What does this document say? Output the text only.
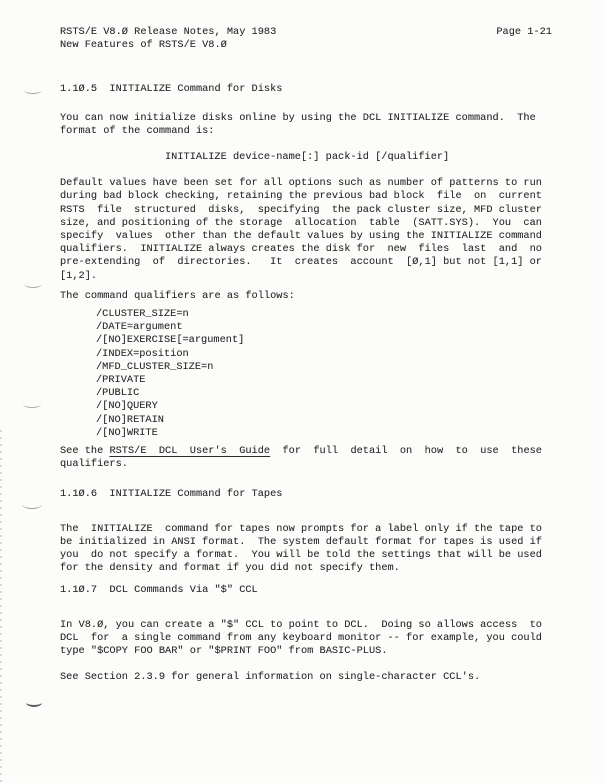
RSTS/E V8.Ø Release Notes, May 1983	Page 1-21
New Features of RSTS/E V8.Ø
1.1Ø.5  INITIALIZE Command for Disks
You can now initialize disks online by using the DCL INITIALIZE command.  The
format of the command is:
INITIALIZE device-name[:] pack-id [/qualifier]
Default values have been set for all options such as number of patterns to run
during bad block checking, retaining the previous bad block  file  on  current
RSTS  file  structured  disks,  specifying  the pack cluster size, MFD cluster
size, and positioning of the storage  allocation  table  (SATT.SYS).  You  can
specify  values  other than the default values by using the INITIALIZE command
qualifiers.  INITIALIZE always creates the disk for  new  files  last  and  no
pre-extending  of  directories.   It  creates  account  [Ø,1] but not [1,1] or
[1,2].
The command qualifiers are as follows:
/CLUSTER_SIZE=n
/DATE=argument
/[NO]EXERCISE[=argument]
/INDEX=position
/MFD_CLUSTER_SIZE=n
/PRIVATE
/PUBLIC
/[NO]QUERY
/[NO]RETAIN
/[NO]WRITE
See the RSTS/E  DCL  User's  Guide  for  full  detail  on  how  to  use  these
qualifiers.
1.1Ø.6  INITIALIZE Command for Tapes
The  INITIALIZE  command for tapes now prompts for a label only if the tape to
be initialized in ANSI format.  The system default format for tapes is used if
you  do not specify a format.  You will be told the settings that will be used
for the density and format if you did not specify them.
1.1Ø.7  DCL Commands Via "$" CCL
In V8.Ø, you can create a "$" CCL to point to DCL.  Doing so allows access  to
DCL  for  a single command from any keyboard monitor -- for example, you could
type "$COPY FOO BAR" or "$PRINT FOO" from BASIC-PLUS.
See Section 2.3.9 for general information on single-character CCL's.
